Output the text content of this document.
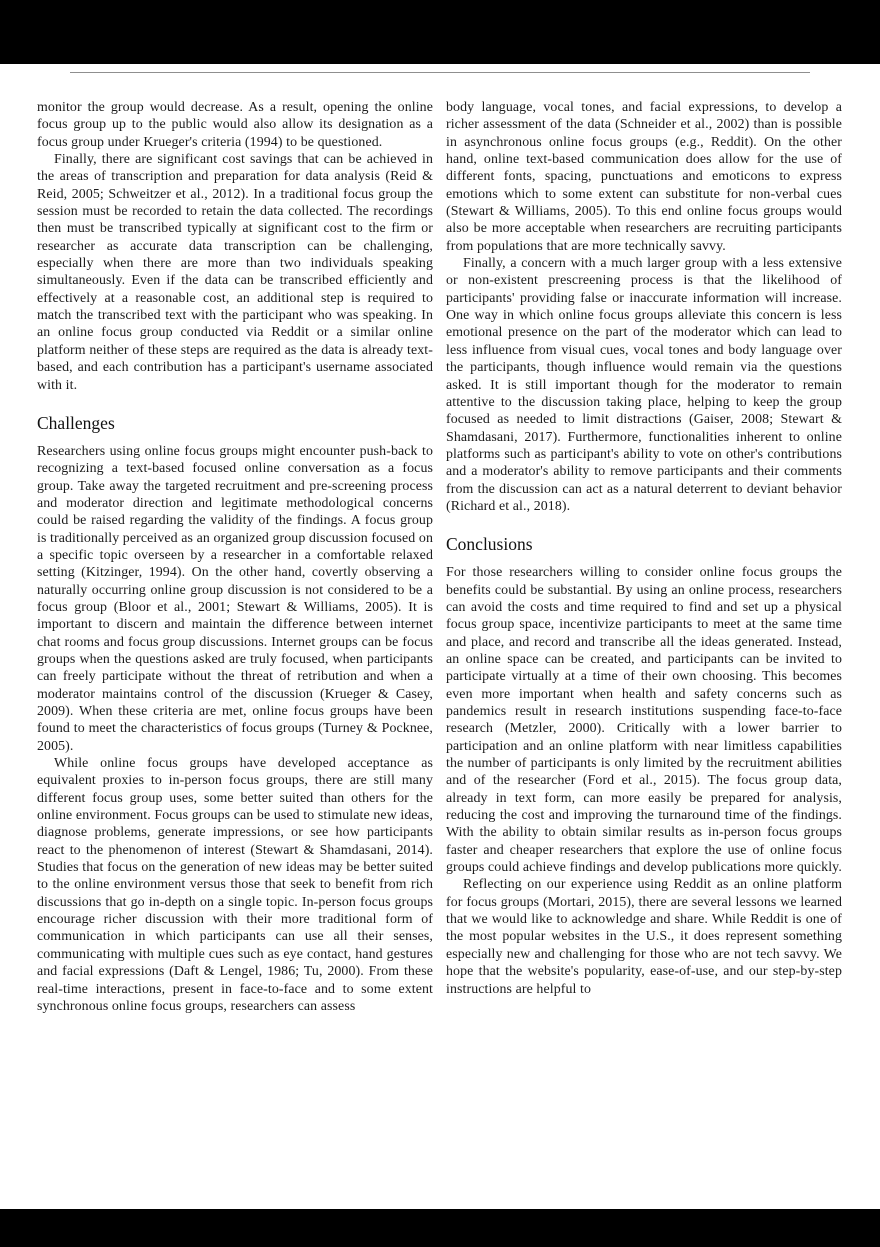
monitor the group would decrease. As a result, opening the online focus group up to the public would also allow its designation as a focus group under Krueger's criteria (1994) to be questioned.

Finally, there are significant cost savings that can be achieved in the areas of transcription and preparation for data analysis (Reid & Reid, 2005; Schweitzer et al., 2012). In a traditional focus group the session must be recorded to retain the data collected. The recordings then must be transcribed typically at significant cost to the firm or researcher as accurate data transcription can be challenging, especially when there are more than two individuals speaking simultaneously. Even if the data can be transcribed efficiently and effectively at a reasonable cost, an additional step is required to match the transcribed text with the participant who was speaking. In an online focus group conducted via Reddit or a similar online platform neither of these steps are required as the data is already text-based, and each contribution has a participant's username associated with it.

Challenges

Researchers using online focus groups might encounter push-back to recognizing a text-based focused online conversation as a focus group. Take away the targeted recruitment and pre-screening process and moderator direction and legitimate methodological concerns could be raised regarding the validity of the findings. A focus group is traditionally perceived as an organized group discussion focused on a specific topic overseen by a researcher in a comfortable relaxed setting (Kitzinger, 1994). On the other hand, covertly observing a naturally occurring online group discussion is not considered to be a focus group (Bloor et al., 2001; Stewart & Williams, 2005). It is important to discern and maintain the difference between internet chat rooms and focus group discussions. Internet groups can be focus groups when the questions asked are truly focused, when participants can freely participate without the threat of retribution and when a moderator maintains control of the discussion (Krueger & Casey, 2009). When these criteria are met, online focus groups have been found to meet the characteristics of focus groups (Turney & Pocknee, 2005).

While online focus groups have developed acceptance as equivalent proxies to in-person focus groups, there are still many different focus group uses, some better suited than others for the online environment. Focus groups can be used to stimulate new ideas, diagnose problems, generate impressions, or see how participants react to the phenomenon of interest (Stewart & Shamdasani, 2014). Studies that focus on the generation of new ideas may be better suited to the online environment versus those that seek to benefit from rich discussions that go in-depth on a single topic. In-person focus groups encourage richer discussion with their more traditional form of communication in which participants can use all their senses, communicating with multiple cues such as eye contact, hand gestures and facial expressions (Daft & Lengel, 1986; Tu, 2000). From these real-time interactions, present in face-to-face and to some extent synchronous online focus groups, researchers can assess

body language, vocal tones, and facial expressions, to develop a richer assessment of the data (Schneider et al., 2002) than is possible in asynchronous online focus groups (e.g., Reddit). On the other hand, online text-based communication does allow for the use of different fonts, spacing, punctuations and emoticons to express emotions which to some extent can substitute for non-verbal cues (Stewart & Williams, 2005). To this end online focus groups would also be more acceptable when researchers are recruiting participants from populations that are more technically savvy.

Finally, a concern with a much larger group with a less extensive or non-existent prescreening process is that the likelihood of participants' providing false or inaccurate information will increase. One way in which online focus groups alleviate this concern is less emotional presence on the part of the moderator which can lead to less influence from visual cues, vocal tones and body language over the participants, though influence would remain via the questions asked. It is still important though for the moderator to remain attentive to the discussion taking place, helping to keep the group focused as needed to limit distractions (Gaiser, 2008; Stewart & Shamdasani, 2017). Furthermore, functionalities inherent to online platforms such as participant's ability to vote on other's contributions and a moderator's ability to remove participants and their comments from the discussion can act as a natural deterrent to deviant behavior (Richard et al., 2018).

Conclusions

For those researchers willing to consider online focus groups the benefits could be substantial. By using an online process, researchers can avoid the costs and time required to find and set up a physical focus group space, incentivize participants to meet at the same time and place, and record and transcribe all the ideas generated. Instead, an online space can be created, and participants can be invited to participate virtually at a time of their own choosing. This becomes even more important when health and safety concerns such as pandemics result in research institutions suspending face-to-face research (Metzler, 2000). Critically with a lower barrier to participation and an online platform with near limitless capabilities the number of participants is only limited by the recruitment abilities and of the researcher (Ford et al., 2015). The focus group data, already in text form, can more easily be prepared for analysis, reducing the cost and improving the turnaround time of the findings. With the ability to obtain similar results as in-person focus groups faster and cheaper researchers that explore the use of online focus groups could achieve findings and develop publications more quickly.

Reflecting on our experience using Reddit as an online platform for focus groups (Mortari, 2015), there are several lessons we learned that we would like to acknowledge and share. While Reddit is one of the most popular websites in the U.S., it does represent something especially new and challenging for those who are not tech savvy. We hope that the website's popularity, ease-of-use, and our step-by-step instructions are helpful to
